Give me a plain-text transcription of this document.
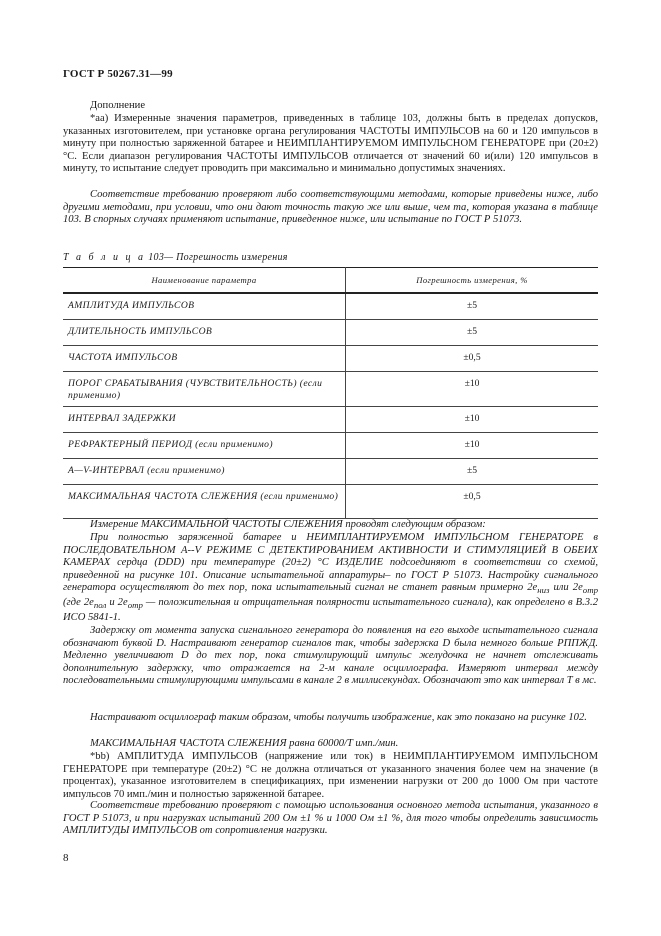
ГОСТ Р 50267.31—99
Дополнение
*аа) Измеренные значения параметров, приведенных в таблице 103, должны быть в пределах допусков, указанных изготовителем, при установке органа регулирования ЧАСТОТЫ ИМПУЛЬСОВ на 60 и 120 импульсов в минуту при полностью заряженной батарее и НЕИМПЛАНТИРУЕМОМ ИМПУЛЬСНОМ ГЕНЕРАТОРЕ при (20±2) °С. Если диапазон регулирования ЧАСТОТЫ ИМПУЛЬСОВ отличается от значений 60 и(или) 120 импульсов в минуту, то испытание следует проводить при максимально и минимально допустимых значениях.
Соответствие требованию проверяют либо соответствующими методами, которые приведены ниже, либо другими методами, при условии, что они дают точность такую же или выше, чем та, которая указана в таблице 103. В спорных случаях применяют испытание, приведенное ниже, или испытание по ГОСТ Р 51073.
Т а б л и ц а 103— Погрешность измерения
Наименование параметра	Погрешность измерения, %
АМПЛИТУДА ИМПУЛЬСОВ	±5
ДЛИТЕЛЬНОСТЬ ИМПУЛЬСОВ	±5
ЧАСТОТА ИМПУЛЬСОВ	±0,5
ПОРОГ СРАБАТЫВАНИЯ (ЧУВСТВИТЕЛЬНОСТЬ) (если применимо)	±10
ИНТЕРВАЛ ЗАДЕРЖКИ	±10
РЕФРАКТЕРНЫЙ ПЕРИОД (если применимо)	±10
A—V-ИНТЕРВАЛ (если применимо)	±5
МАКСИМАЛЬНАЯ ЧАСТОТА СЛЕЖЕНИЯ (если применимо)	±0,5
Измерение МАКСИМАЛЬНОЙ ЧАСТОТЫ СЛЕЖЕНИЯ проводят следующим образом:
При полностью заряженной батарее и НЕИМПЛАНТИРУЕМОМ ИМПУЛЬСНОМ ГЕНЕРАТОРЕ в ПОСЛЕДОВАТЕЛЬНОМ A--V РЕЖИМЕ С ДЕТЕКТИРОВАНИЕМ АКТИВНОСТИ И СТИМУЛЯЦИЕЙ В ОБЕИХ КАМЕРАХ сердца (DDD) при температуре (20±2) °С ИЗДЕЛИЕ подсоединяют в соответствии со схемой, приведенной на рисунке 101. Описание испытательной аппаратуры– по ГОСТ Р 51073. Настройку сигнального генератора осуществляют до тех пор, пока испытательный сигнал не станет равным примерно $2e_{низ}$ или $2e_{отр}$ (где $2e_{пол}$ и $2e_{отр}$ — положительная и отрицательная полярности испытательного сигнала), как определено в В.3.2 ИСО 5841-1.
Задержку от момента запуска сигнального генератора до появления на его выходе испытательного сигнала обозначают буквой D. Настраивают генератор сигналов так, чтобы задержка D была немного больше РППЖД. Медленно увеличивают D до тех пор, пока стимулирующий импульс желудочка не начнет отслеживать дополнительную задержку, что отражается на 2-м канале осциллографа. Измеряют интервал между последовательными стимулирующими импульсами в канале 2 в миллисекундах. Обозначают это как интервал T в мс.
Настраивают осциллограф таким образом, чтобы получить изображение, как это показано на рисунке 102.
МАКСИМАЛЬНАЯ ЧАСТОТА СЛЕЖЕНИЯ равна 60000/T имп./мин.
*bb) АМПЛИТУДА ИМПУЛЬСОВ (напряжение или ток) в НЕИМПЛАНТИРУЕМОМ ИМПУЛЬСНОМ ГЕНЕРАТОРЕ при температуре (20±2) °С не должна отличаться от указанного значения более чем на значение (в процентах), указанное изготовителем в спецификациях, при изменении нагрузки от 200 до 1000 Ом при частоте импульсов 70 имп./мин и полностью заряженной батарее.
Соответствие требованию проверяют с помощью использования основного метода испытания, указанного в ГОСТ Р 51073, и при нагрузках испытаний 200 Ом ±1 % и 1000 Ом ±1 %, для того чтобы определить зависимость АМПЛИТУДЫ ИМПУЛЬСОВ от сопротивления нагрузки.
8
